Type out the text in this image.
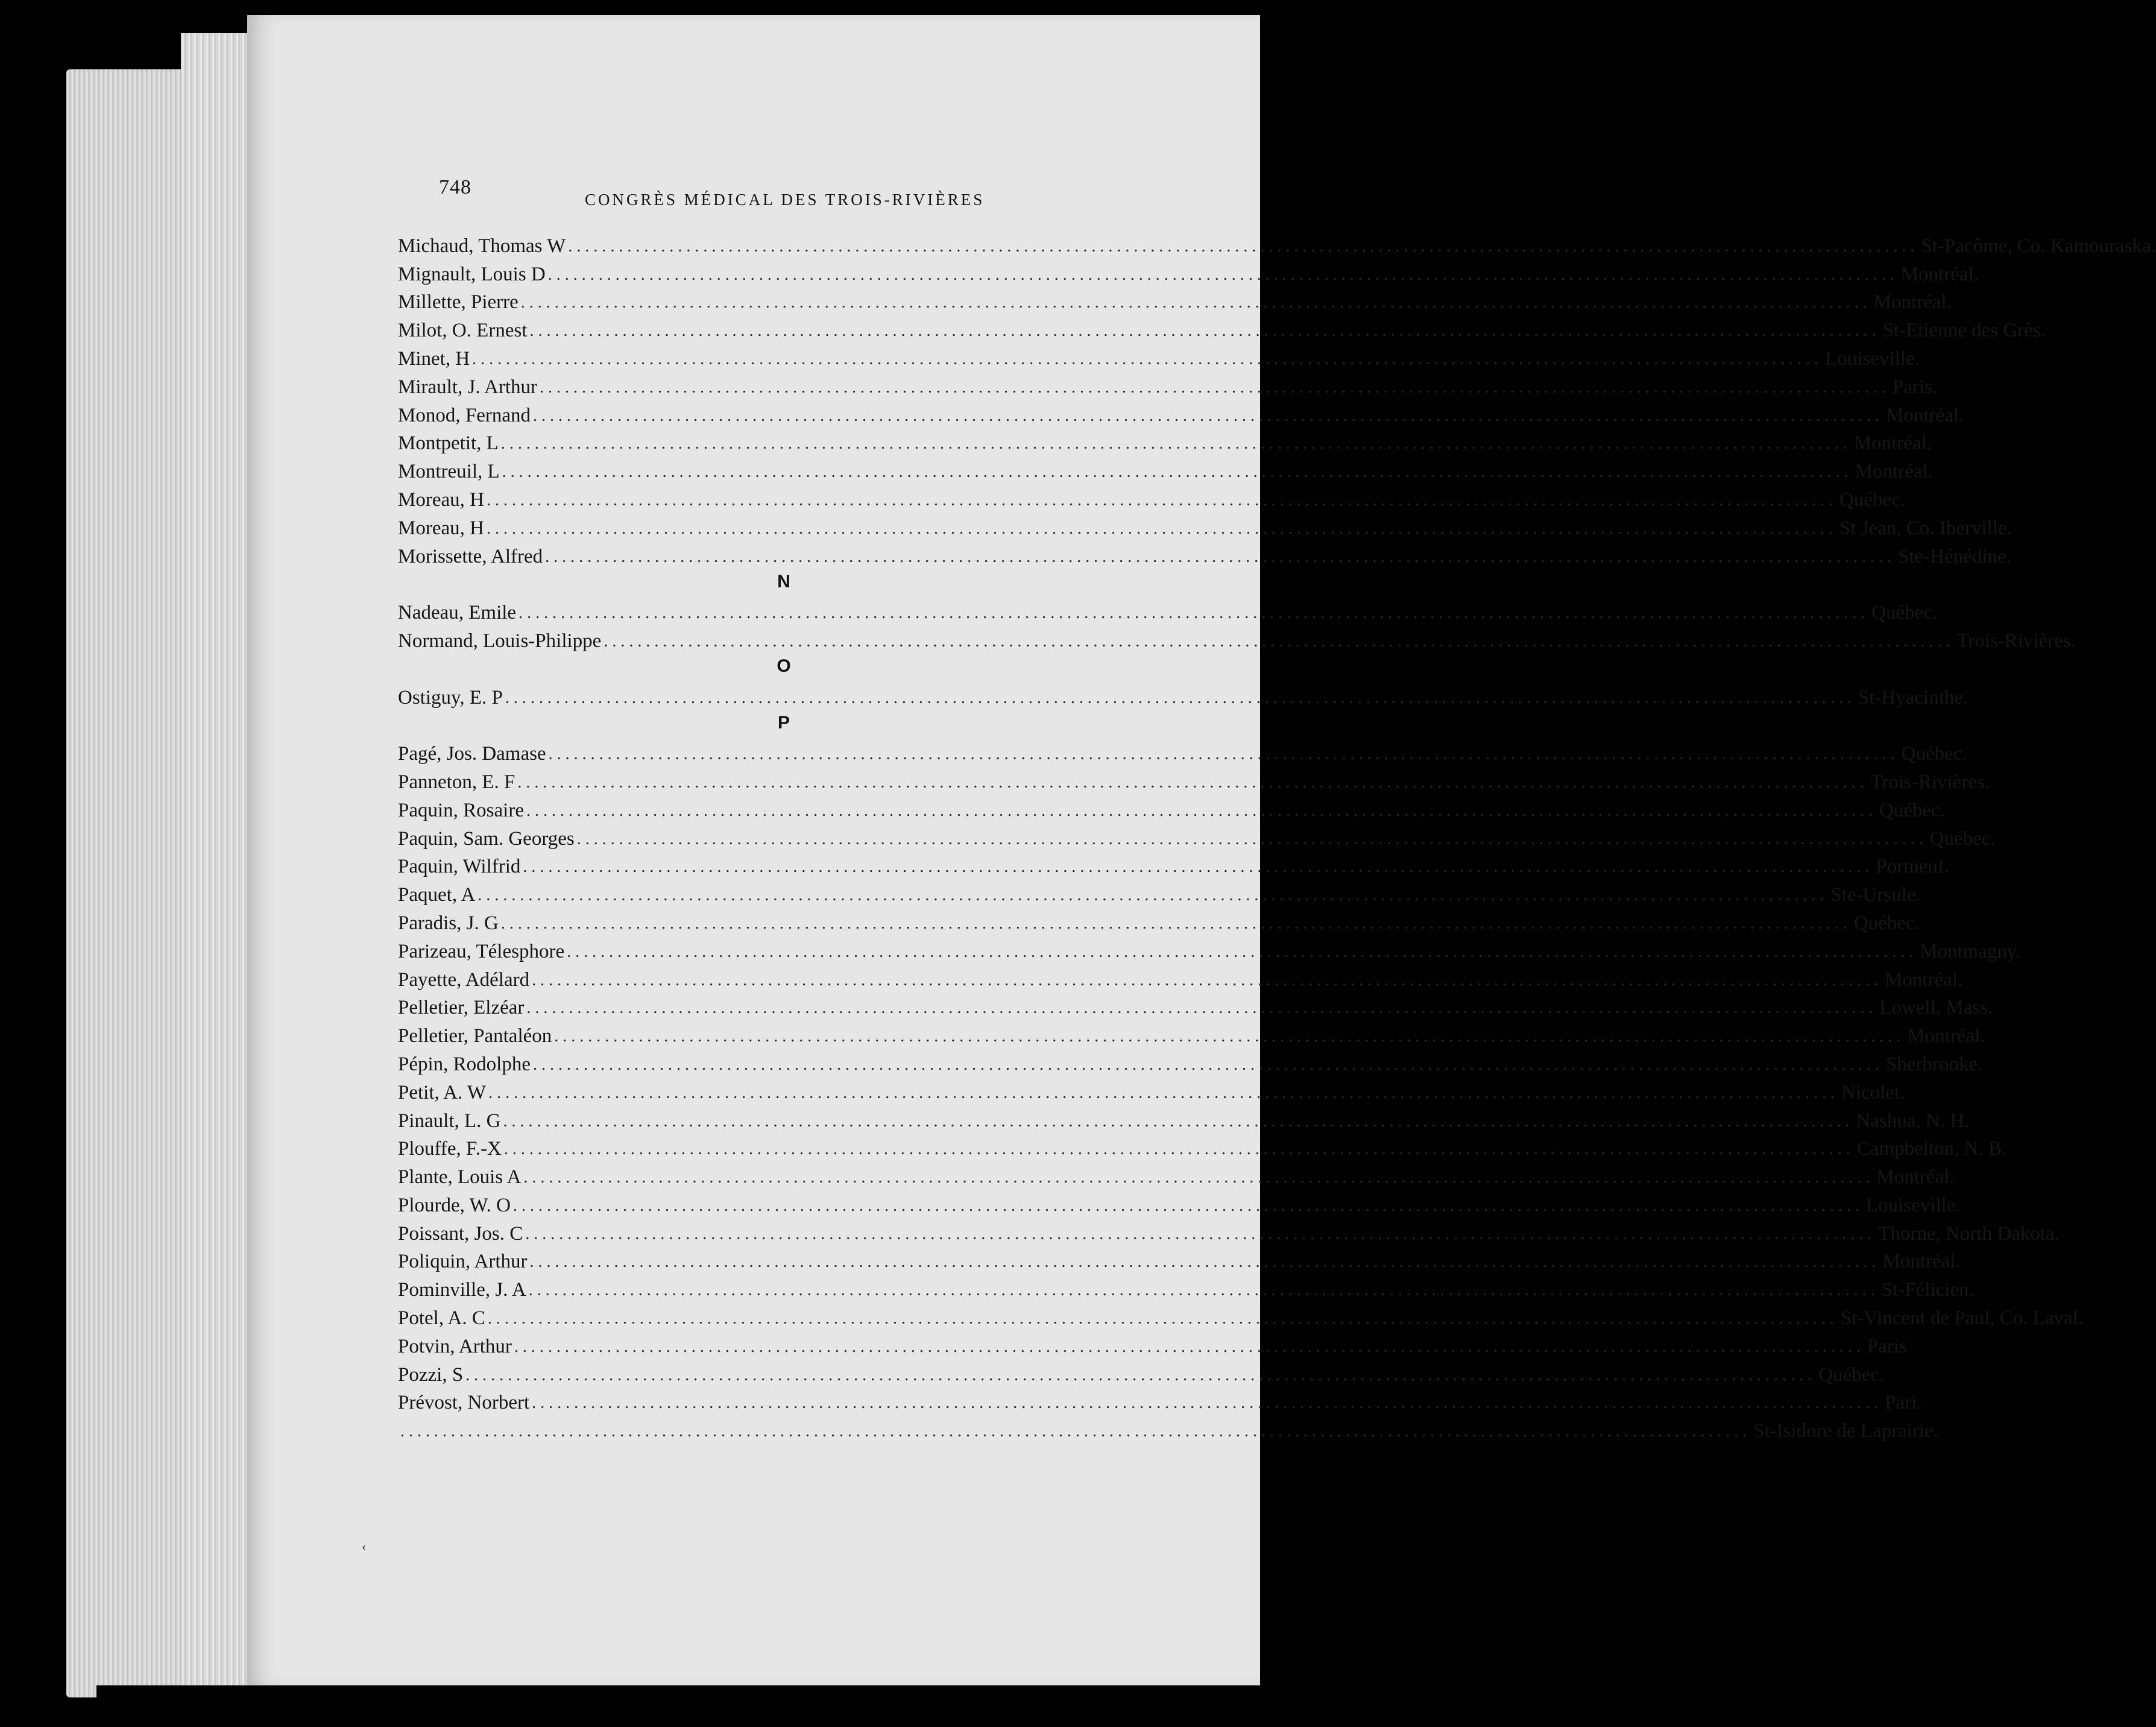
748
CONGRÈS MÉDICAL DES TROIS-RIVIÈRES
Michaud, Thomas W ................................................................................................................................................................ St-Pacôme, Co. Kamouraska.
Mignault, Louis D ................................................................................................................................................................ Montréal.
Millette, Pierre ................................................................................................................................................................ Montréal.
Milot, O. Ernest ................................................................................................................................................................ St-Etienne des Grès.
Minet, H ................................................................................................................................................................ Louiseville.
Mirault, J. Arthur ................................................................................................................................................................ Paris.
Monod, Fernand ................................................................................................................................................................ Montréal.
Montpetit, L ................................................................................................................................................................ Montréal.
Montreuil, L ................................................................................................................................................................ Montréal.
Moreau, H ................................................................................................................................................................ Québec.
Moreau, H ................................................................................................................................................................ St Jean, Co. Iberville.
Morissette, Alfred ................................................................................................................................................................ Ste-Hénédine.
N
Nadeau, Emile ................................................................................................................................................................ Québec.
Normand, Louis-Philippe ................................................................................................................................................................ Trois-Rivières.
O
Ostiguy, E. P ................................................................................................................................................................ St-Hyacinthe.
P
Pagé, Jos. Damase ................................................................................................................................................................ Québec.
Panneton, E. F ................................................................................................................................................................ Trois-Rivières.
Paquin, Rosaire ................................................................................................................................................................ Québec.
Paquin, Sam. Georges ................................................................................................................................................................ Québec.
Paquin, Wilfrid ................................................................................................................................................................ Portneuf.
Paquet, A ................................................................................................................................................................ Ste-Ursule.
Paradis, J. G ................................................................................................................................................................ Québec.
Parizeau, Télesphore ................................................................................................................................................................ Montmagny.
Payette, Adélard ................................................................................................................................................................ Montréal.
Pelletier, Elzéar ................................................................................................................................................................ Lowell, Mass.
Pelletier, Pantaléon ................................................................................................................................................................ Montréal.
Pépin, Rodolphe ................................................................................................................................................................ Sherbrooke.
Petit, A. W ................................................................................................................................................................ Nicolet.
Pinault, L. G ................................................................................................................................................................ Nashua, N. H.
Plouffe, F.-X ................................................................................................................................................................ Campbelton, N. B.
Plante, Louis A ................................................................................................................................................................ Montréal.
Plourde, W. O ................................................................................................................................................................ Louiseville.
Poissant, Jos. C ................................................................................................................................................................ Thorne, North Dakota.
Poliquin, Arthur ................................................................................................................................................................ Montréal.
Pominville, J. A ................................................................................................................................................................ St-Félicien.
Potel, A. C ................................................................................................................................................................ St-Vincent de Paul, Co. Laval.
Potvin, Arthur ................................................................................................................................................................ Paris
Pozzi, S ................................................................................................................................................................ Québec.
Prévost, Norbert ................................................................................................................................................................ Pari.
................................................................................................................................................................ St-Isidore de Laprairie.
‹
